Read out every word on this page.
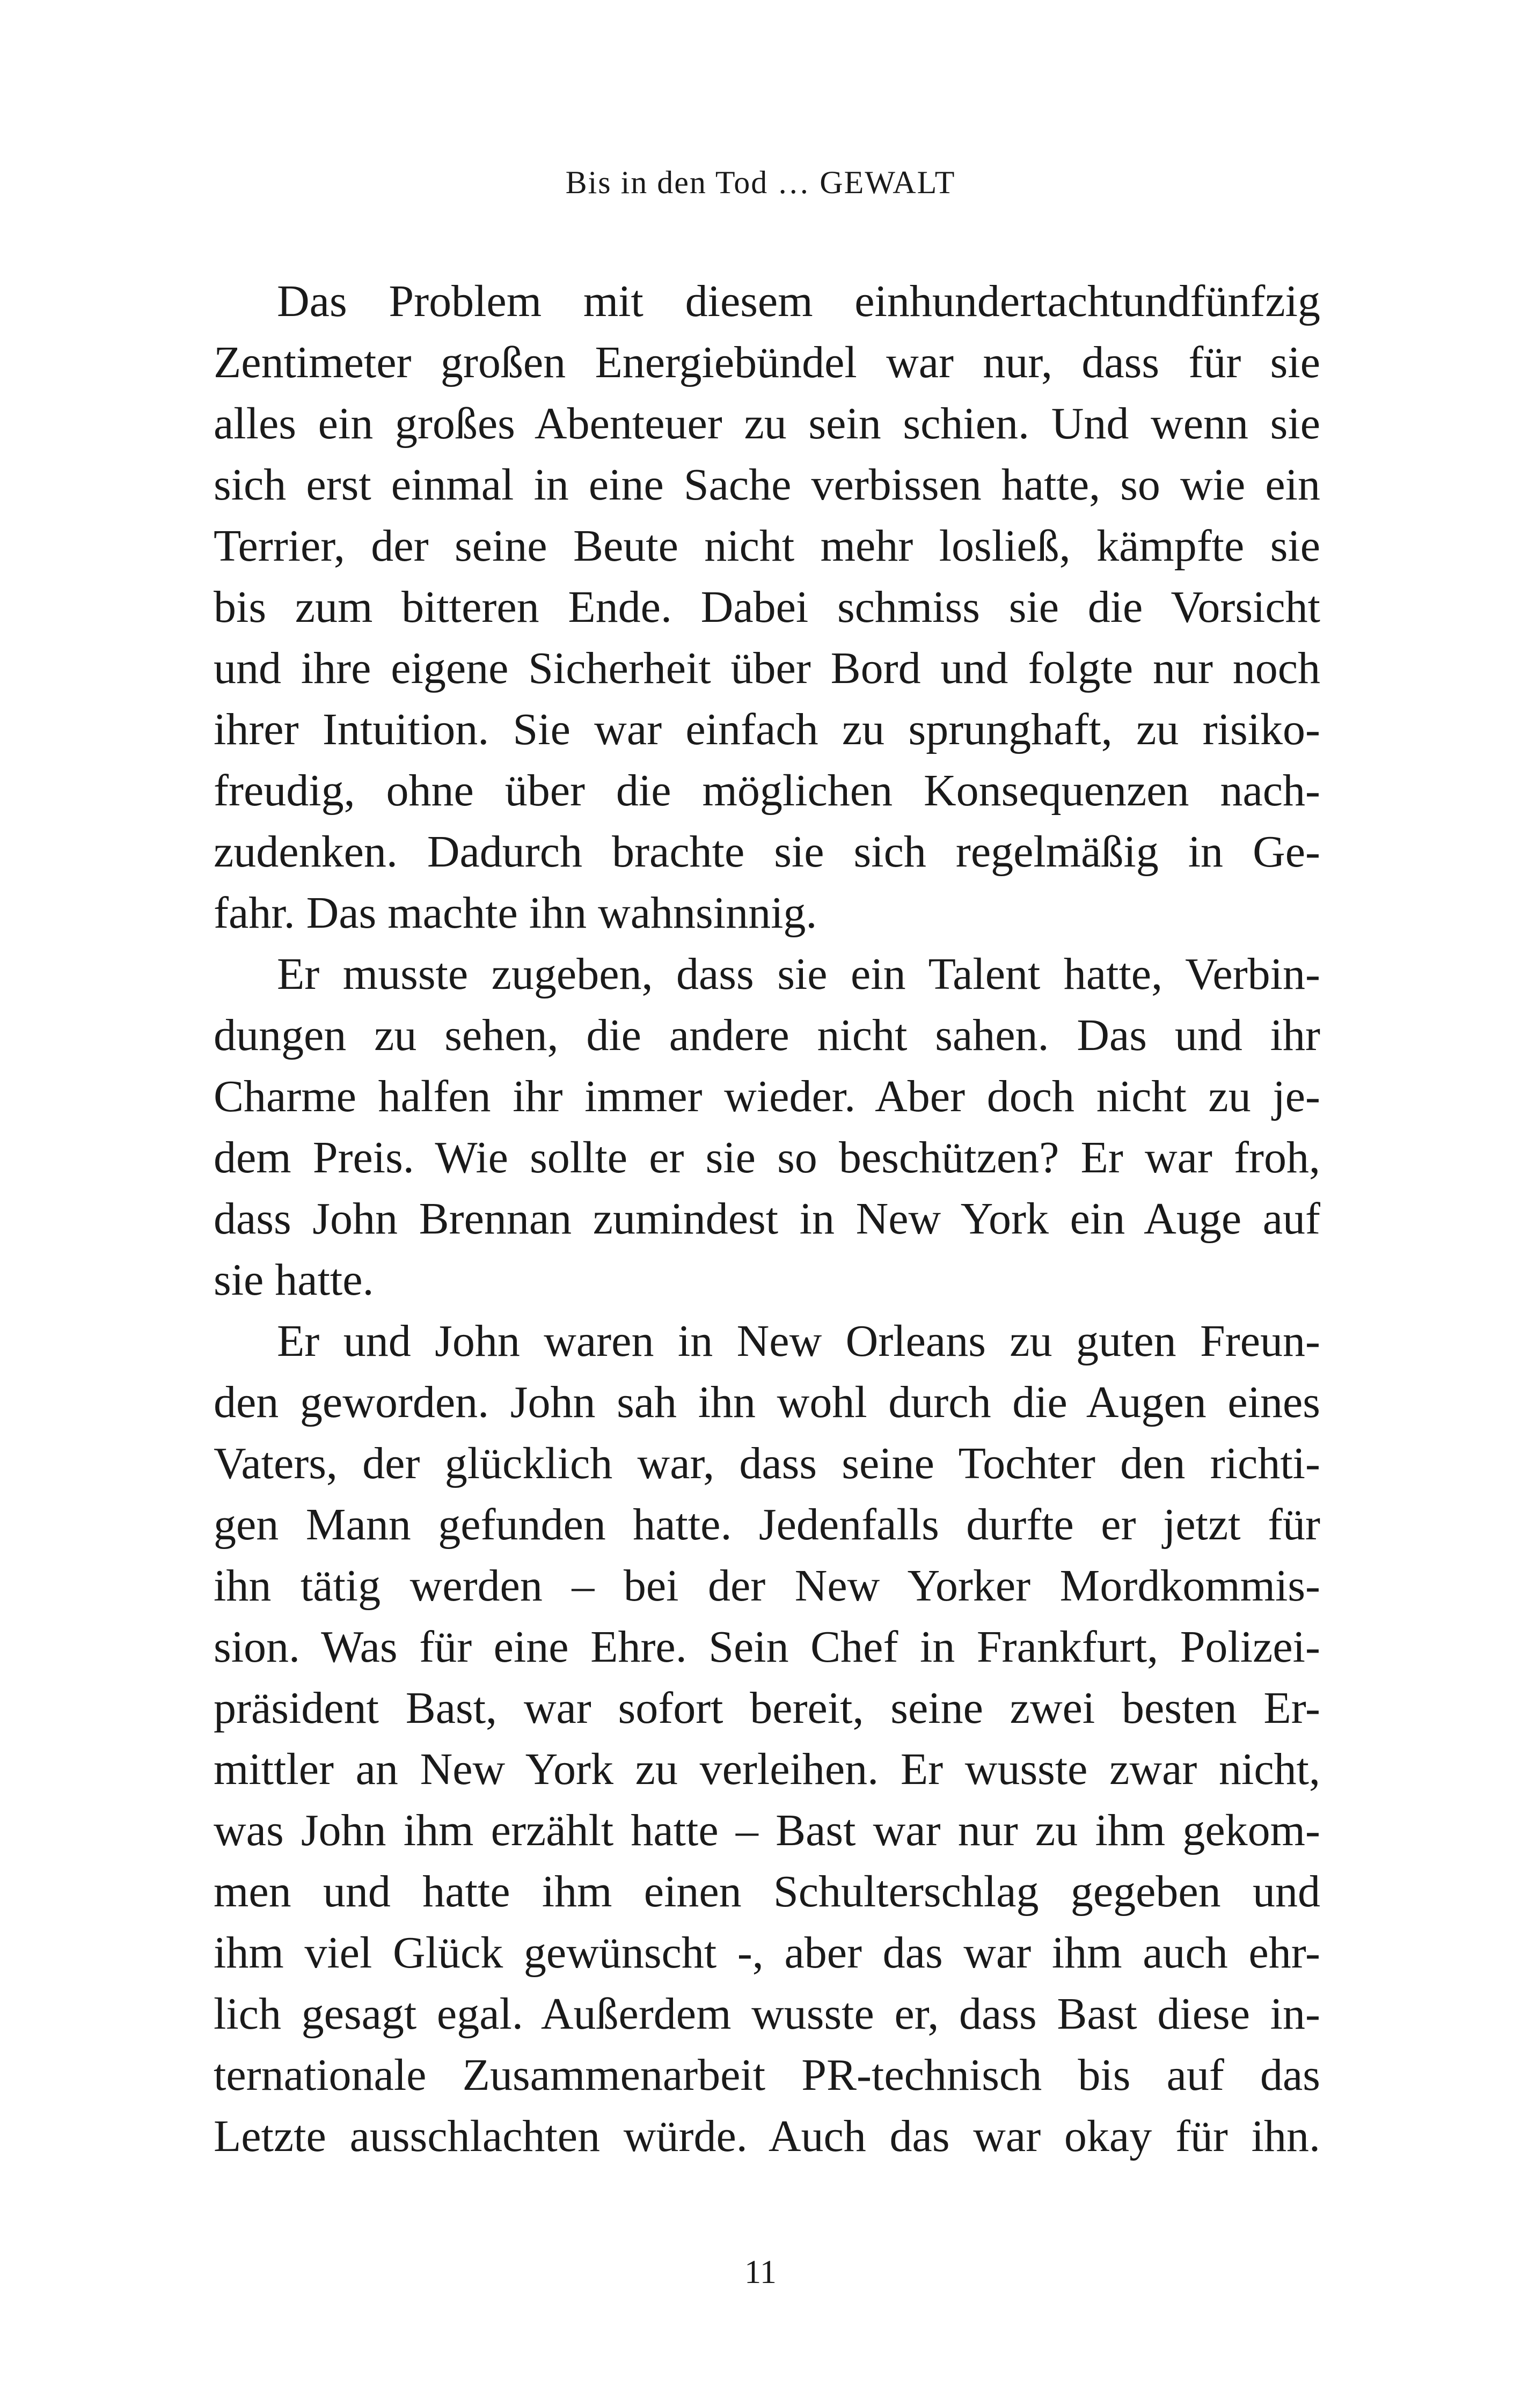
Bis in den Tod … GEWALT
Das Problem mit diesem einhundertachtundfünfzig
Zentimeter großen Energiebündel war nur, dass für sie
alles ein großes Abenteuer zu sein schien. Und wenn sie
sich erst einmal in eine Sache verbissen hatte, so wie ein
Terrier, der seine Beute nicht mehr losließ, kämpfte sie
bis zum bitteren Ende. Dabei schmiss sie die Vorsicht
und ihre eigene Sicherheit über Bord und folgte nur noch
ihrer Intuition. Sie war einfach zu sprunghaft, zu risiko-
freudig, ohne über die möglichen Konsequenzen nach-
zudenken. Dadurch brachte sie sich regelmäßig in Ge-
fahr. Das machte ihn wahnsinnig.
Er musste zugeben, dass sie ein Talent hatte, Verbin-
dungen zu sehen, die andere nicht sahen. Das und ihr
Charme halfen ihr immer wieder. Aber doch nicht zu je-
dem Preis. Wie sollte er sie so beschützen? Er war froh,
dass John Brennan zumindest in New York ein Auge auf
sie hatte.
Er und John waren in New Orleans zu guten Freun-
den geworden. John sah ihn wohl durch die Augen eines
Vaters, der glücklich war, dass seine Tochter den richti-
gen Mann gefunden hatte. Jedenfalls durfte er jetzt für
ihn tätig werden – bei der New Yorker Mordkommis-
sion. Was für eine Ehre. Sein Chef in Frankfurt, Polizei-
präsident Bast, war sofort bereit, seine zwei besten Er-
mittler an New York zu verleihen. Er wusste zwar nicht,
was John ihm erzählt hatte – Bast war nur zu ihm gekom-
men und hatte ihm einen Schulterschlag gegeben und
ihm viel Glück gewünscht -, aber das war ihm auch ehr-
lich gesagt egal. Außerdem wusste er, dass Bast diese in-
ternationale Zusammenarbeit PR-technisch bis auf das
Letzte ausschlachten würde. Auch das war okay für ihn.
11
